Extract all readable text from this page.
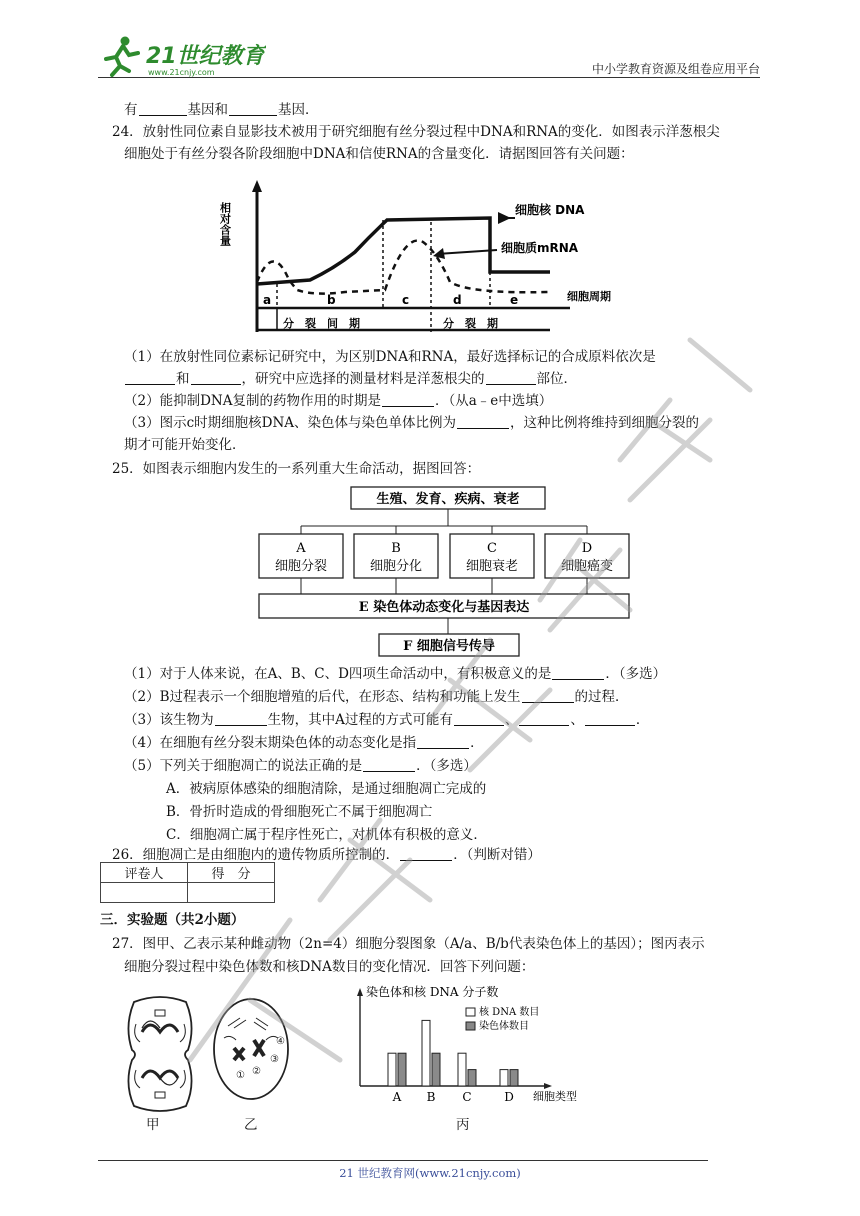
21世纪教育
www.21cnjy.com	中小学教育资源及组卷应用平台
有	基因和	基因．
24．放射性同位素自显影技术被用于研究细胞有丝分裂过程中DNA和RNA的变化．如图表示洋葱根尖
细胞处于有丝分裂各阶段细胞中DNA和信使RNA的含量变化．请据图回答有关问题：
相对含量	细胞核 DNA
细胞质mRNA
细胞周期
a	b	c	d	e
分　裂　间　期	分　裂　期
（1）在放射性同位素标记研究中，为区别DNA和RNA，最好选择标记的合成原料依次是
和	，研究中应选择的测量材料是洋葱根尖的	部位．
（2）能抑制DNA复制的药物作用的时期是	．（从a﹣e中选填）
（3）图示c时期细胞核DNA、染色体与染色单体比例为	，这种比例将维持到细胞分裂的
期才可能开始变化．
25．如图表示细胞内发生的一系列重大生命活动，据图回答：
生殖、发育、疾病、衰老
A
细胞分裂
B
细胞分化
C
细胞衰老
D
细胞癌变
E 染色体动态变化与基因表达
F 细胞信号传导
（1）对于人体来说，在A、B、C、D四项生命活动中，有积极意义的是	．（多选）
（2）B过程表示一个细胞增殖的后代，在形态、结构和功能上发生	的过程．
（3）该生物为	生物，其中A过程的方式可能有	、	、	．
（4）在细胞有丝分裂末期染色体的动态变化是指	．
（5）下列关于细胞凋亡的说法正确的是	．（多选）
A．被病原体感染的细胞清除，是通过细胞凋亡完成的
B．骨折时造成的骨细胞死亡不属于细胞凋亡
C．细胞凋亡属于程序性死亡，对机体有积极的意义．
26．细胞凋亡是由细胞内的遗传物质所控制的．	．（判断对错）
评卷人	得　分

三．实验题（共2小题）
27．图甲、乙表示某种雌动物（2n=4）细胞分裂图象（A/a、B/b代表染色体上的基因）；图丙表示
细胞分裂过程中染色体数和核DNA数目的变化情况．回答下列问题：
甲
④
③
②
①
乙
染色体和核 DNA 分子数
核 DNA 数目
染色体数目
A B C	D 细胞类型
丙
21 世纪教育网(www.21cnjy.com)
